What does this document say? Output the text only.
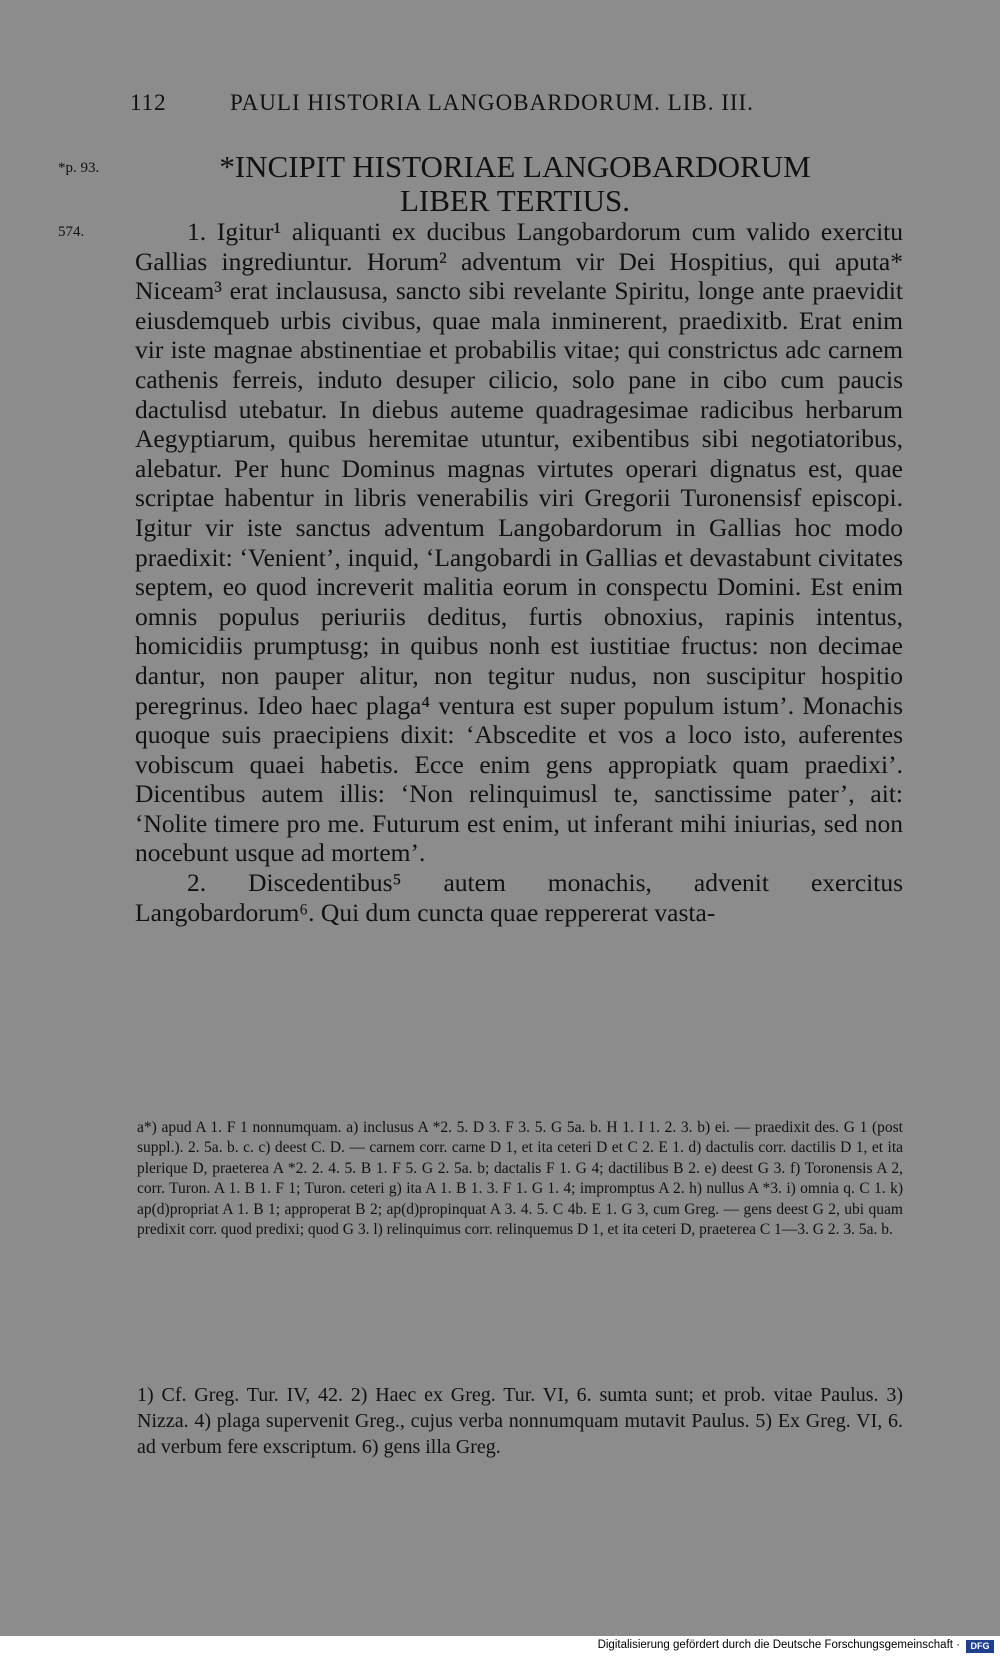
112	PAULI HISTORIA LANGOBARDORUM. LIB. III.
*p. 93.
574.
*INCIPIT HISTORIAE LANGOBARDORUM
LIBER TERTIUS.

1. Igitur¹ aliquanti ex ducibus Langobardorum cum valido exercitu Gallias ingrediuntur. Horum² adventum vir Dei Hospitius, qui aputa* Niceam³ erat inclaususa, sancto sibi revelante Spiritu, longe ante praevidit eiusdemqueb urbis civibus, quae mala inminerent, praedixitb. Erat enim vir iste magnae abstinentiae et probabilis vitae; qui constrictus adc carnem cathenis ferreis, induto desuper cilicio, solo pane in cibo cum paucis dactulisd utebatur. In diebus auteme quadragesimae radicibus herbarum Aegyptiarum, quibus heremitae utuntur, exibentibus sibi negotiatoribus, alebatur. Per hunc Dominus magnas virtutes operari dignatus est, quae scriptae habentur in libris venerabilis viri Gregorii Turonensisf episcopi. Igitur vir iste sanctus adventum Langobardorum in Gallias hoc modo praedixit: ‘Venient’, inquid, ‘Langobardi in Gallias et devastabunt civitates septem, eo quod increverit malitia eorum in conspectu Domini. Est enim omnis populus periuriis deditus, furtis obnoxius, rapinis intentus, homicidiis prumptusg; in quibus nonh est iustitiae fructus: non decimae dantur, non pauper alitur, non tegitur nudus, non suscipitur hospitio peregrinus. Ideo haec plaga⁴ ventura est super populum istum’. Monachis quoque suis praecipiens dixit: ‘Abscedite et vos a loco isto, auferentes vobiscum quaei habetis. Ecce enim gens appropiatk quam praedixi’. Dicentibus autem illis: ‘Non relinquimusl te, sanctissime pater’, ait: ‘Nolite timere pro me. Futurum est enim, ut inferant mihi iniurias, sed non nocebunt usque ad mortem’.

2. Discedentibus⁵ autem monachis, advenit exercitus Langobardorum⁶. Qui dum cuncta quae reppererat vasta-

a*) apud A 1. F 1 nonnumquam. a) inclusus A *2. 5. D 3. F 3. 5. G 5a. b. H 1. I 1. 2. 3. b) ei. — praedixit des. G 1 (post suppl.). 2. 5a. b. c. c) deest C. D. — carnem corr. carne D 1, et ita ceteri D et C 2. E 1. d) dactulis corr. dactilis D 1, et ita plerique D, praeterea A *2. 2. 4. 5. B 1. F 5. G 2. 5a. b; dactalis F 1. G 4; dactilibus B 2. e) deest G 3. f) Toronensis A 2, corr. Turon. A 1. B 1. F 1; Turon. ceteri g) ita A 1. B 1. 3. F 1. G 1. 4; impromptus A 2. h) nullus A *3. i) omnia q. C 1. k) ap(d)propriat A 1. B 1; approperat B 2; ap(d)propinquat A 3. 4. 5. C 4b. E 1. G 3, cum Greg. — gens deest G 2, ubi quam predixit corr. quod predixi; quod G 3. l) relinquimus corr. relinquemus D 1, et ita ceteri D, praeterea C 1—3. G 2. 3. 5a. b.
1) Cf. Greg. Tur. IV, 42. 2) Haec ex Greg. Tur. VI, 6. sumta sunt; et prob. vitae Paulus. 3) Nizza. 4) plaga supervenit Greg., cujus verba nonnumquam mutavit Paulus. 5) Ex Greg. VI, 6. ad verbum fere exscriptum. 6) gens illa Greg.
Digitalisierung gefördert durch die Deutsche Forschungsgemeinschaft ·	DFG
